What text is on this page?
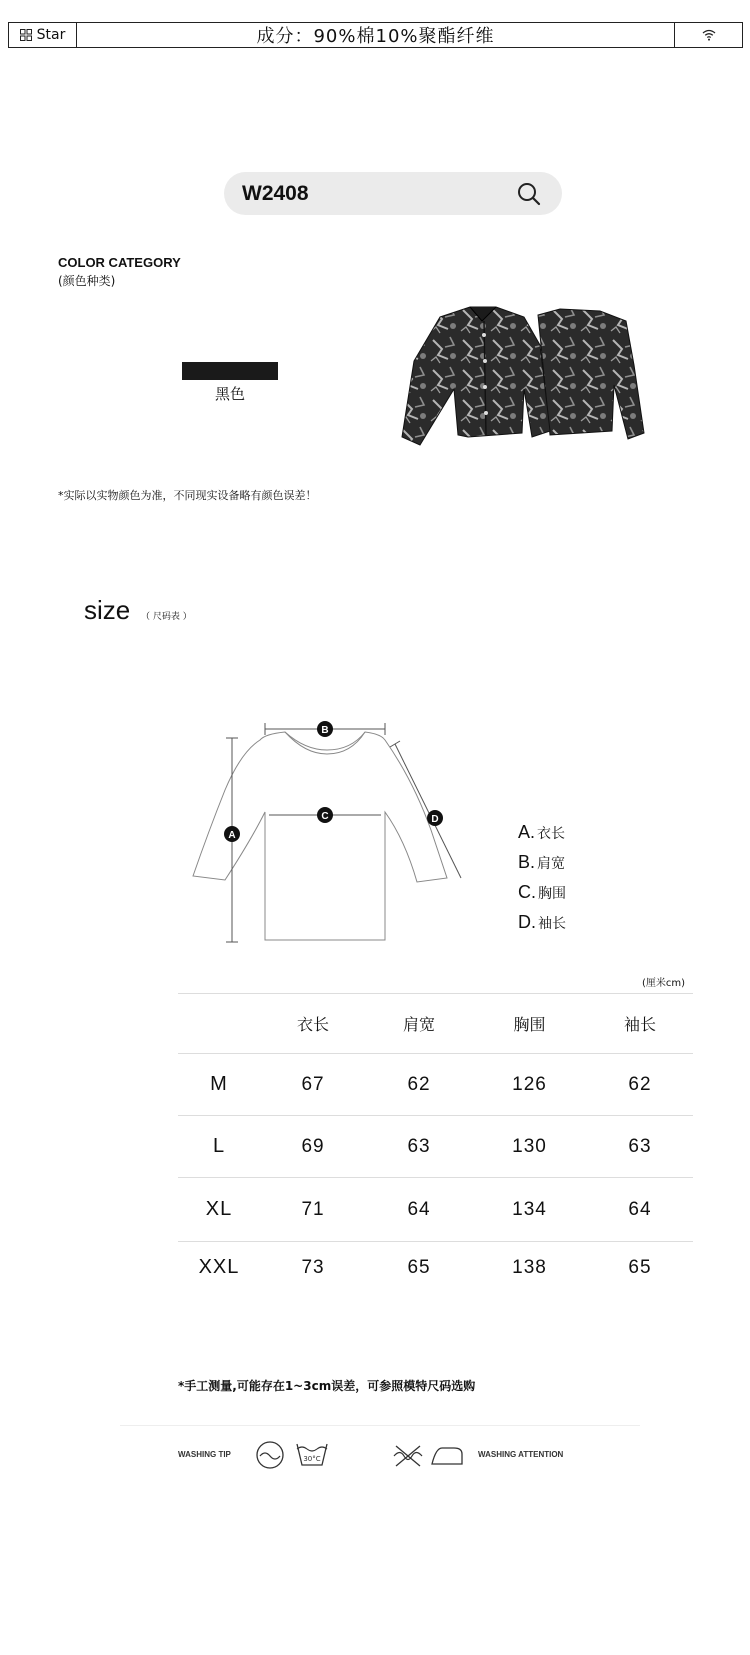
Star	成分：90%棉10%聚酯纤维
W2408
COLOR CATEGORY
(颜色种类)
黑色
*实际以实物颜色为准，不同现实设备略有颜色误差！
size （ 尺码表 ）
A
B
C	D
A. 衣长
B. 肩宽
C. 胸围
D. 袖长
(厘米cm)
	衣长	肩宽	胸围	袖长
M	67	62	126	62
L	69	63	130	63
XL	71	64	134	64
XXL	73	65	138	65
*手工测量,可能存在1~3cm误差，可参照模特尺码选购
WASHING TIP	30°C	WASHING ATTENTION
